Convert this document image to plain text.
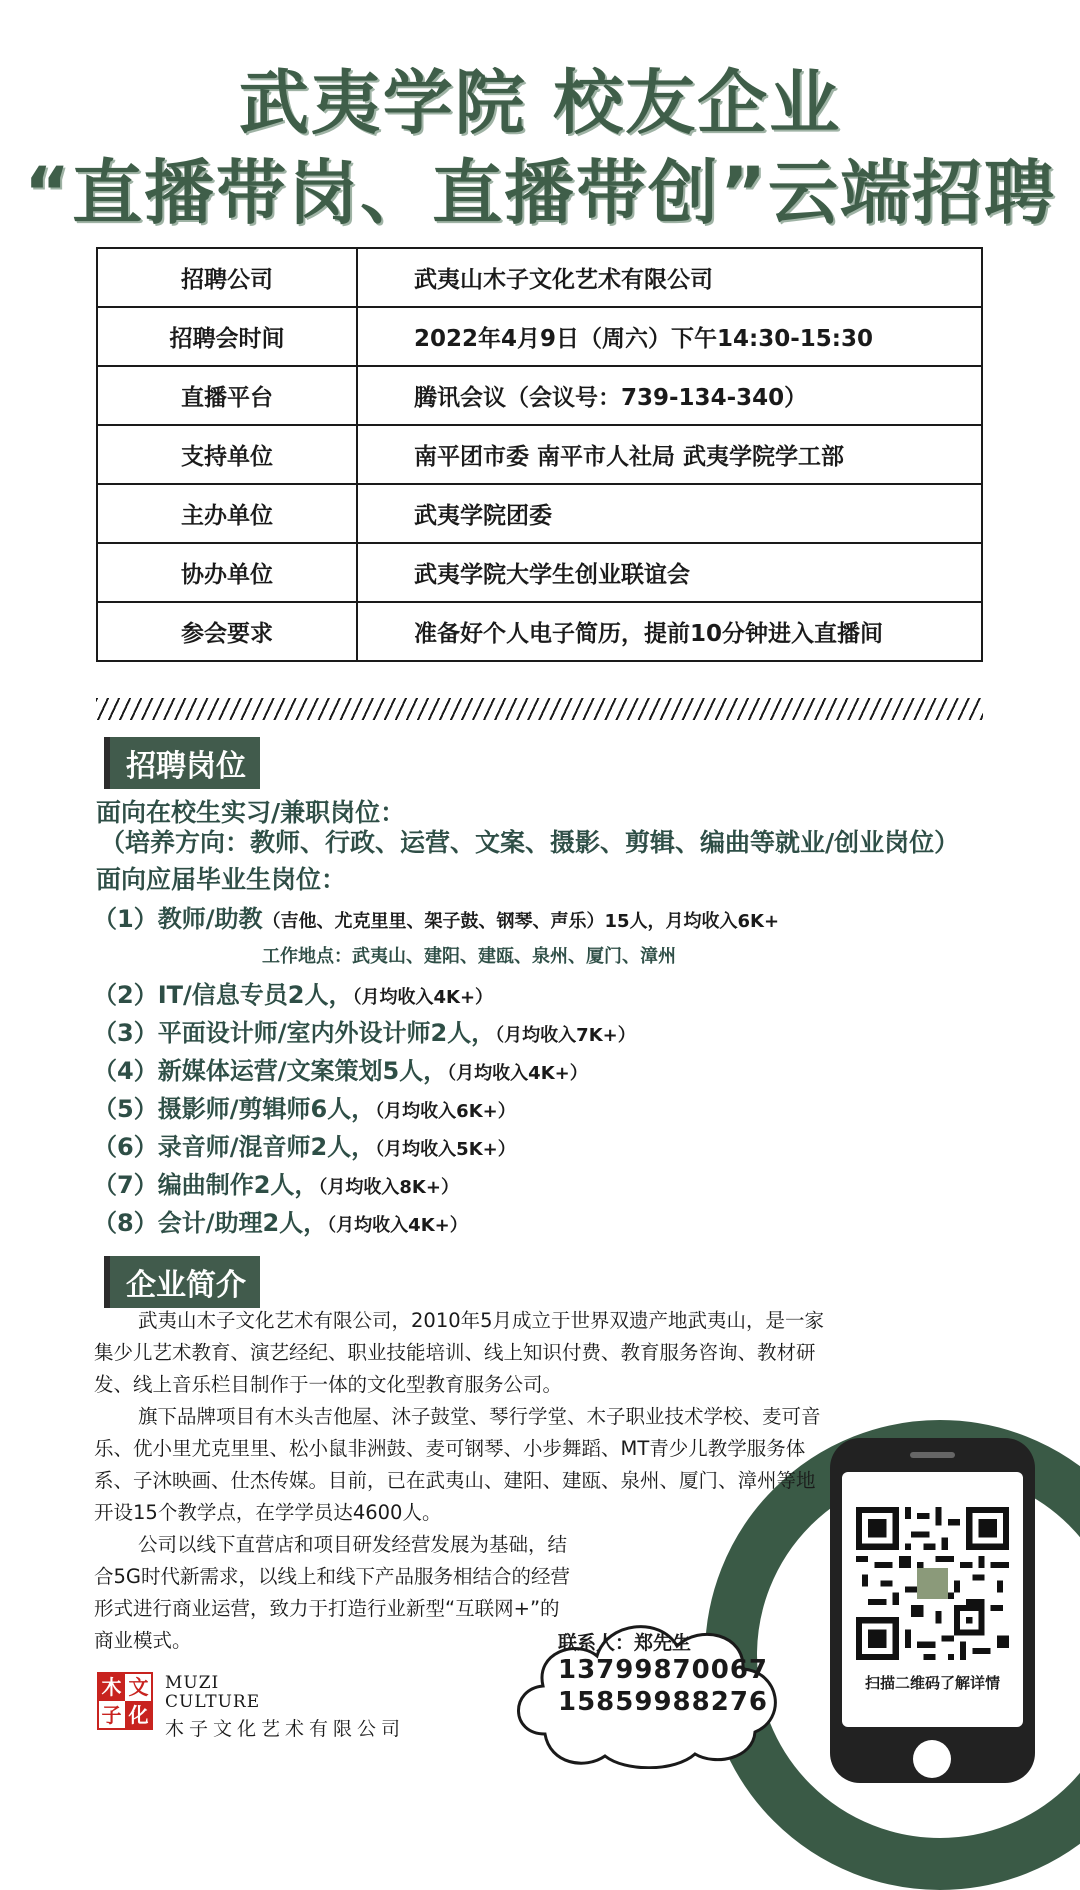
武夷学院 校友企业
“直播带岗、直播带创”云端招聘
招聘公司	武夷山木子文化艺术有限公司
招聘会时间	2022年4月9日（周六）下午14:30-15:30
直播平台	腾讯会议（会议号：739-134-340）
支持单位	南平团市委 南平市人社局 武夷学院学工部
主办单位	武夷学院团委
协办单位	武夷学院大学生创业联谊会
参会要求	准备好个人电子简历，提前10分钟进入直播间
招聘岗位
面向在校生实习/兼职岗位：
（培养方向：教师、行政、运营、文案、摄影、剪辑、编曲等就业/创业岗位）
面向应届毕业生岗位：
（1）教师/助教（吉他、尤克里里、架子鼓、钢琴、声乐）15人，月均收入6K+
工作地点：武夷山、建阳、建瓯、泉州、厦门、漳州
（2）IT/信息专员2人，（月均收入4K+）
（3）平面设计师/室内外设计师2人，（月均收入7K+）
（4）新媒体运营/文案策划5人，（月均收入4K+）
（5）摄影师/剪辑师6人，（月均收入6K+）
（6）录音师/混音师2人，（月均收入5K+）
（7）编曲制作2人，（月均收入8K+）
（8）会计/助理2人，（月均收入4K+）
企业简介
武夷山木子文化艺术有限公司，2010年5月成立于世界双遗产地武夷山，是一家集少儿艺术教育、演艺经纪、职业技能培训、线上知识付费、教育服务咨询、教材研发、线上音乐栏目制作于一体的文化型教育服务公司。
旗下品牌项目有木头吉他屋、沐子鼓堂、琴行学堂、木子职业技术学校、麦可音乐、优小里尤克里里、松小鼠非洲鼓、麦可钢琴、小步舞蹈、MT青少儿教学服务体系、子沐映画、仕杰传媒。目前，已在武夷山、建阳、建瓯、泉州、厦门、漳州等地开设15个教学点，在学学员达4600人。
公司以线下直营店和项目研发经营发展为基础，结合5G时代新需求，以线上和线下产品服务相结合的经营形式进行商业运营，致力于打造行业新型“互联网+”的商业模式。	联系人：郑先生
13799870067
15859988276
扫描二维码了解详情
木 文
子 化
MUZI
CULTURE
木子文化艺术有限公司
